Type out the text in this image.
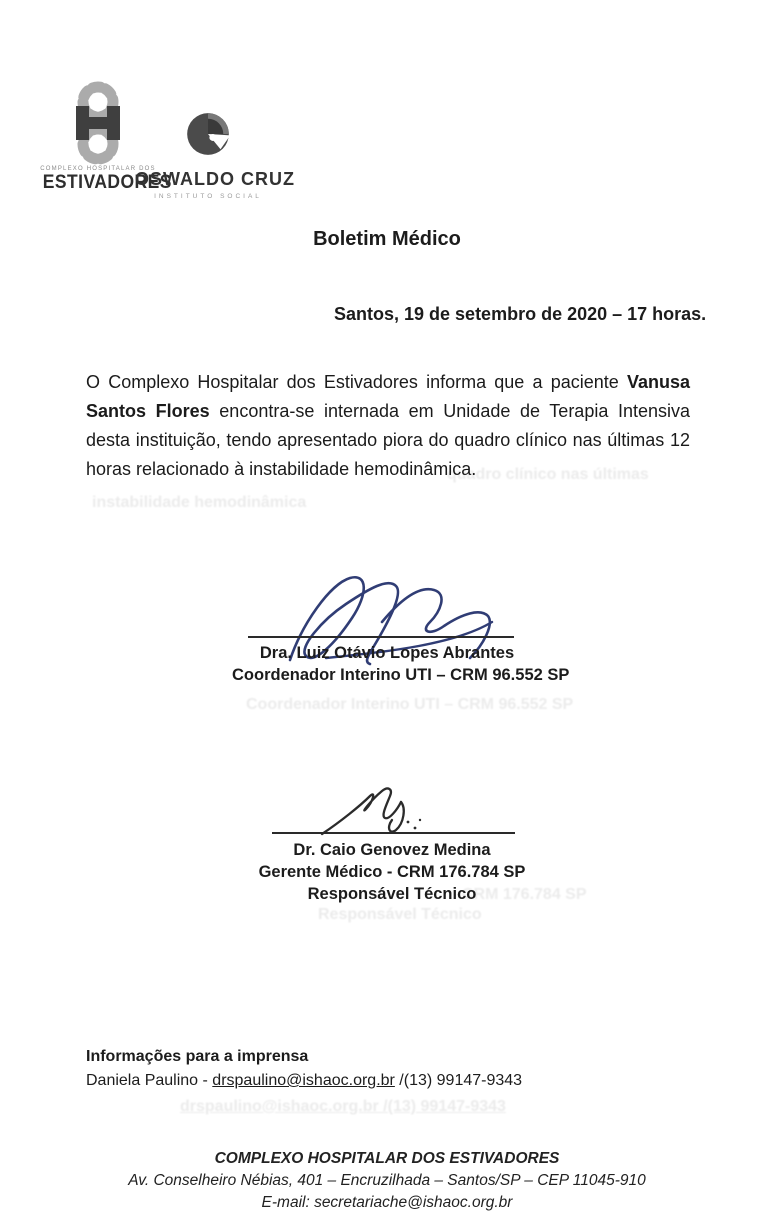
COMPLEXO HOSPITALAR DOS
ESTIVADORES
OSWALDO CRUZ
INSTITUTO SOCIAL
Boletim Médico
Santos, 19 de setembro de 2020 – 17 horas.

O Complexo Hospitalar dos Estivadores informa que a paciente Vanusa Santos Flores encontra-se internada em Unidade de Terapia Intensiva desta instituição, tendo apresentado piora do quadro clínico nas últimas 12 horas relacionado à instabilidade hemodinâmica.

quadro clínico nas últimas
instabilidade hemodinâmica
Dra. Luiz Otávio Lopes Abrantes
Coordenador Interino UTI – CRM 96.552 SP
Coordenador Interino UTI – CRM 96.552 SP
Dr. Caio Genovez Medina
Gerente Médico - CRM 176.784 SP
Responsável Técnico
CRM 176.784 SP
Responsável Técnico
Informações para a imprensa
Daniela Paulino - drspaulino@ishaoc.org.br /(13) 99147-9343
drspaulino@ishaoc.org.br /(13) 99147-9343
COMPLEXO HOSPITALAR DOS ESTIVADORES
Av. Conselheiro Nébias, 401 – Encruzilhada – Santos/SP – CEP 11045-910
E-mail: secretariache@ishaoc.org.br
